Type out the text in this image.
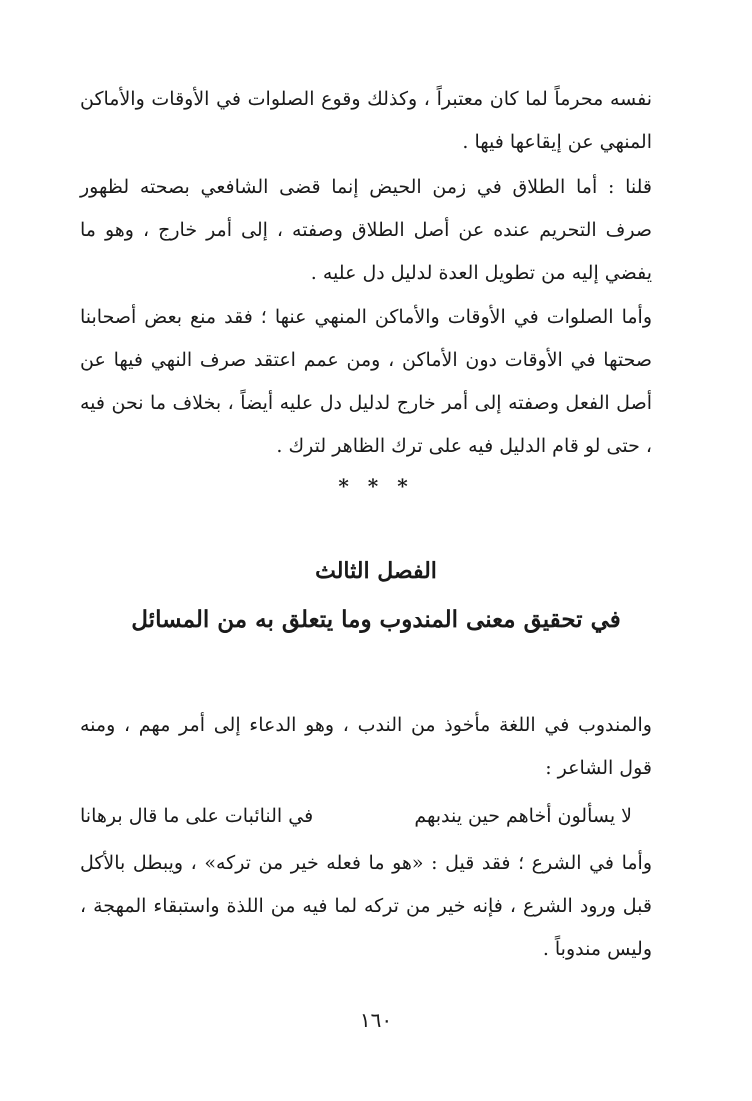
نفسه محرماً لما كان معتبراً ، وكذلك وقوع الصلوات في الأوقات والأماكن المنهي عن إيقاعها فيها .

قلنا : أما الطلاق في زمن الحيض إنما قضى الشافعي بصحته لظهور صرف التحريم عنده عن أصل الطلاق وصفته ، إلى أمر خارج ، وهو ما يفضي إليه من تطويل العدة لدليل دل عليه .

وأما الصلوات في الأوقات والأماكن المنهي عنها ؛ فقد منع بعض أصحابنا صحتها في الأوقات دون الأماكن ، ومن عمم اعتقد صرف النهي فيها عن أصل الفعل وصفته إلى أمر خارج لدليل دل عليه أيضاً ، بخلاف ما نحن فيه ، حتى لو قام الدليل فيه على ترك الظاهر لترك .

* * *
الفصل الثالث
في تحقيق معنى المندوب وما يتعلق به من المسائل

والمندوب في اللغة مأخوذ من الندب ، وهو الدعاء إلى أمر مهم ، ومنه قول الشاعر :

لا يسألون أخاهم حين يندبهم
في النائبات على ما قال برهانا

وأما في الشرع ؛ فقد قيل : «هو ما فعله خير من تركه» ، ويبطل بالأكل قبل ورود الشرع ، فإنه خير من تركه لما فيه من اللذة واستبقاء المهجة ، وليس مندوباً .

١٦٠
